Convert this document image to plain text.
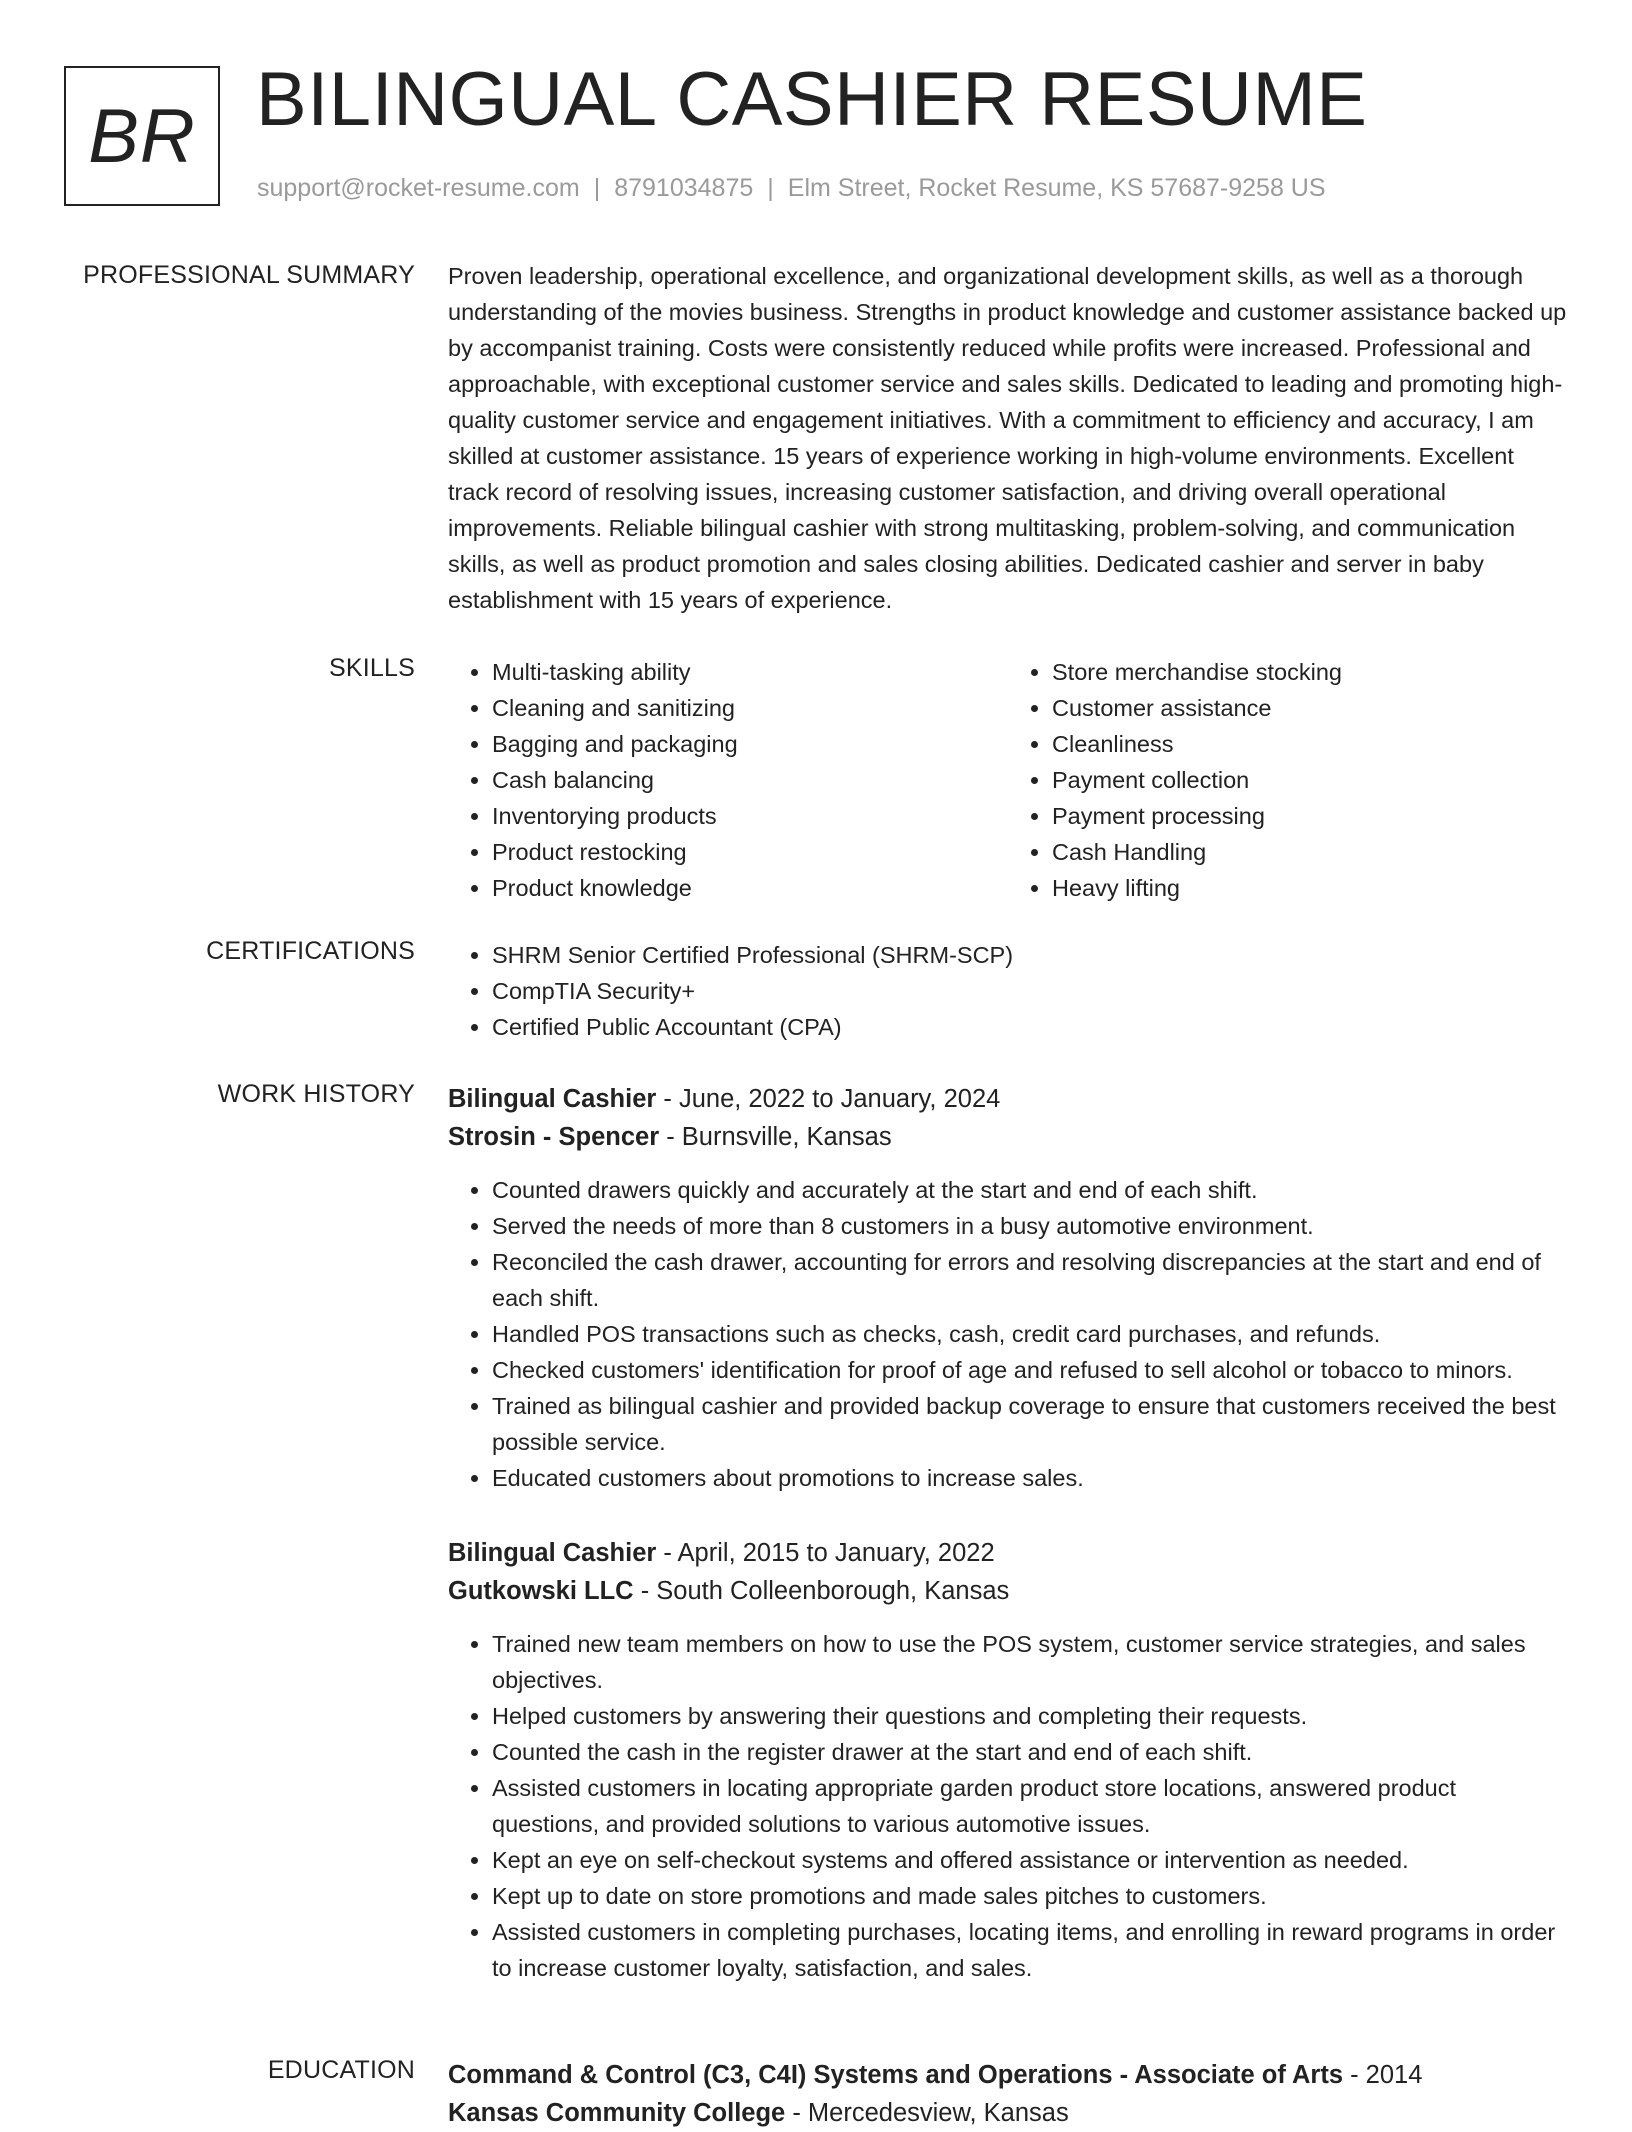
BR BILINGUAL CASHIER RESUME
support@rocket-resume.com | 8791034875 | Elm Street, Rocket Resume, KS 57687-9258 US
PROFESSIONAL SUMMARY Proven leadership, operational excellence, and organizational development skills, as well as a thorough understanding of the movies business. Strengths in product knowledge and customer assistance backed up by accompanist training. Costs were consistently reduced while profits were increased. Professional and approachable, with exceptional customer service and sales skills. Dedicated to leading and promoting high-quality customer service and engagement initiatives. With a commitment to efficiency and accuracy, I am skilled at customer assistance. 15 years of experience working in high-volume environments. Excellent track record of resolving issues, increasing customer satisfaction, and driving overall operational improvements. Reliable bilingual cashier with strong multitasking, problem-solving, and communication skills, as well as product promotion and sales closing abilities. Dedicated cashier and server in baby establishment with 15 years of experience.

SKILLS	• Multi-tasking ability
• Cleaning and sanitizing
• Bagging and packaging
• Cash balancing
• Inventorying products
• Product restocking
• Product knowledge
• Store merchandise stocking
• Customer assistance
• Cleanliness
• Payment collection
• Payment processing
• Cash Handling
• Heavy lifting
CERTIFICATIONS	• SHRM Senior Certified Professional (SHRM-SCP)
• CompTIA Security+
• Certified Public Accountant (CPA)
WORK HISTORY Bilingual Cashier - June, 2022 to January, 2024
Strosin - Spencer - Burnsville, Kansas
• Counted drawers quickly and accurately at the start and end of each shift.
• Served the needs of more than 8 customers in a busy automotive environment.
• Reconciled the cash drawer, accounting for errors and resolving discrepancies at the start and end of each shift.
• Handled POS transactions such as checks, cash, credit card purchases, and refunds.
• Checked customers' identification for proof of age and refused to sell alcohol or tobacco to minors.
• Trained as bilingual cashier and provided backup coverage to ensure that customers received the best possible service.
• Educated customers about promotions to increase sales.
Bilingual Cashier - April, 2015 to January, 2022
Gutkowski LLC - South Colleenborough, Kansas
• Trained new team members on how to use the POS system, customer service strategies, and sales objectives.
• Helped customers by answering their questions and completing their requests.
• Counted the cash in the register drawer at the start and end of each shift.
• Assisted customers in locating appropriate garden product store locations, answered product questions, and provided solutions to various automotive issues.
• Kept an eye on self-checkout systems and offered assistance or intervention as needed.
• Kept up to date on store promotions and made sales pitches to customers.
• Assisted customers in completing purchases, locating items, and enrolling in reward programs in order to increase customer loyalty, satisfaction, and sales.
EDUCATION Command & Control (C3, C4I) Systems and Operations - Associate of Arts - 2014
Kansas Community College - Mercedesview, Kansas
